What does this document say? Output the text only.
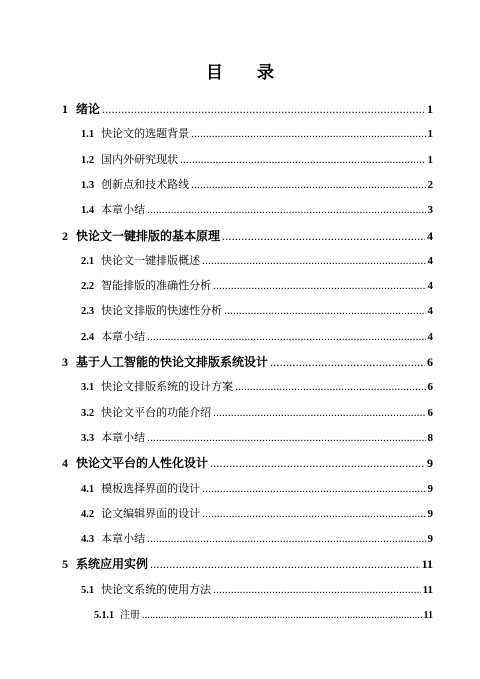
目 录
1 绪论 .....	1
1.1 快论文的选题背景 .....	1
1.2 国内外研究现状 .....	1
1.3 创新点和技术路线 .....	2
1.4 本章小结 .....	3
2 快论文一键排版的基本原理 .....	4
2.1 快论文一键排版概述 .....	4
2.2 智能排版的准确性分析 .....	4
2.3 快论文排版的快速性分析 .....	4
2.4 本章小结 .....	4
3 基于人工智能的快论文排版系统设计 .....	6
3.1 快论文排版系统的设计方案 .....	6
3.2 快论文平台的功能介绍 .....	6
3.3 本章小结 .....	8
4 快论文平台的人性化设计 .....	9
4.1 模板选择界面的设计 .....	9
4.2 论文编辑界面的设计 .....	9
4.3 本章小结 .....	9
5 系统应用实例 .....	11
5.1 快论文系统的使用方法 .....	11
5.1.1 注册 .....	11
